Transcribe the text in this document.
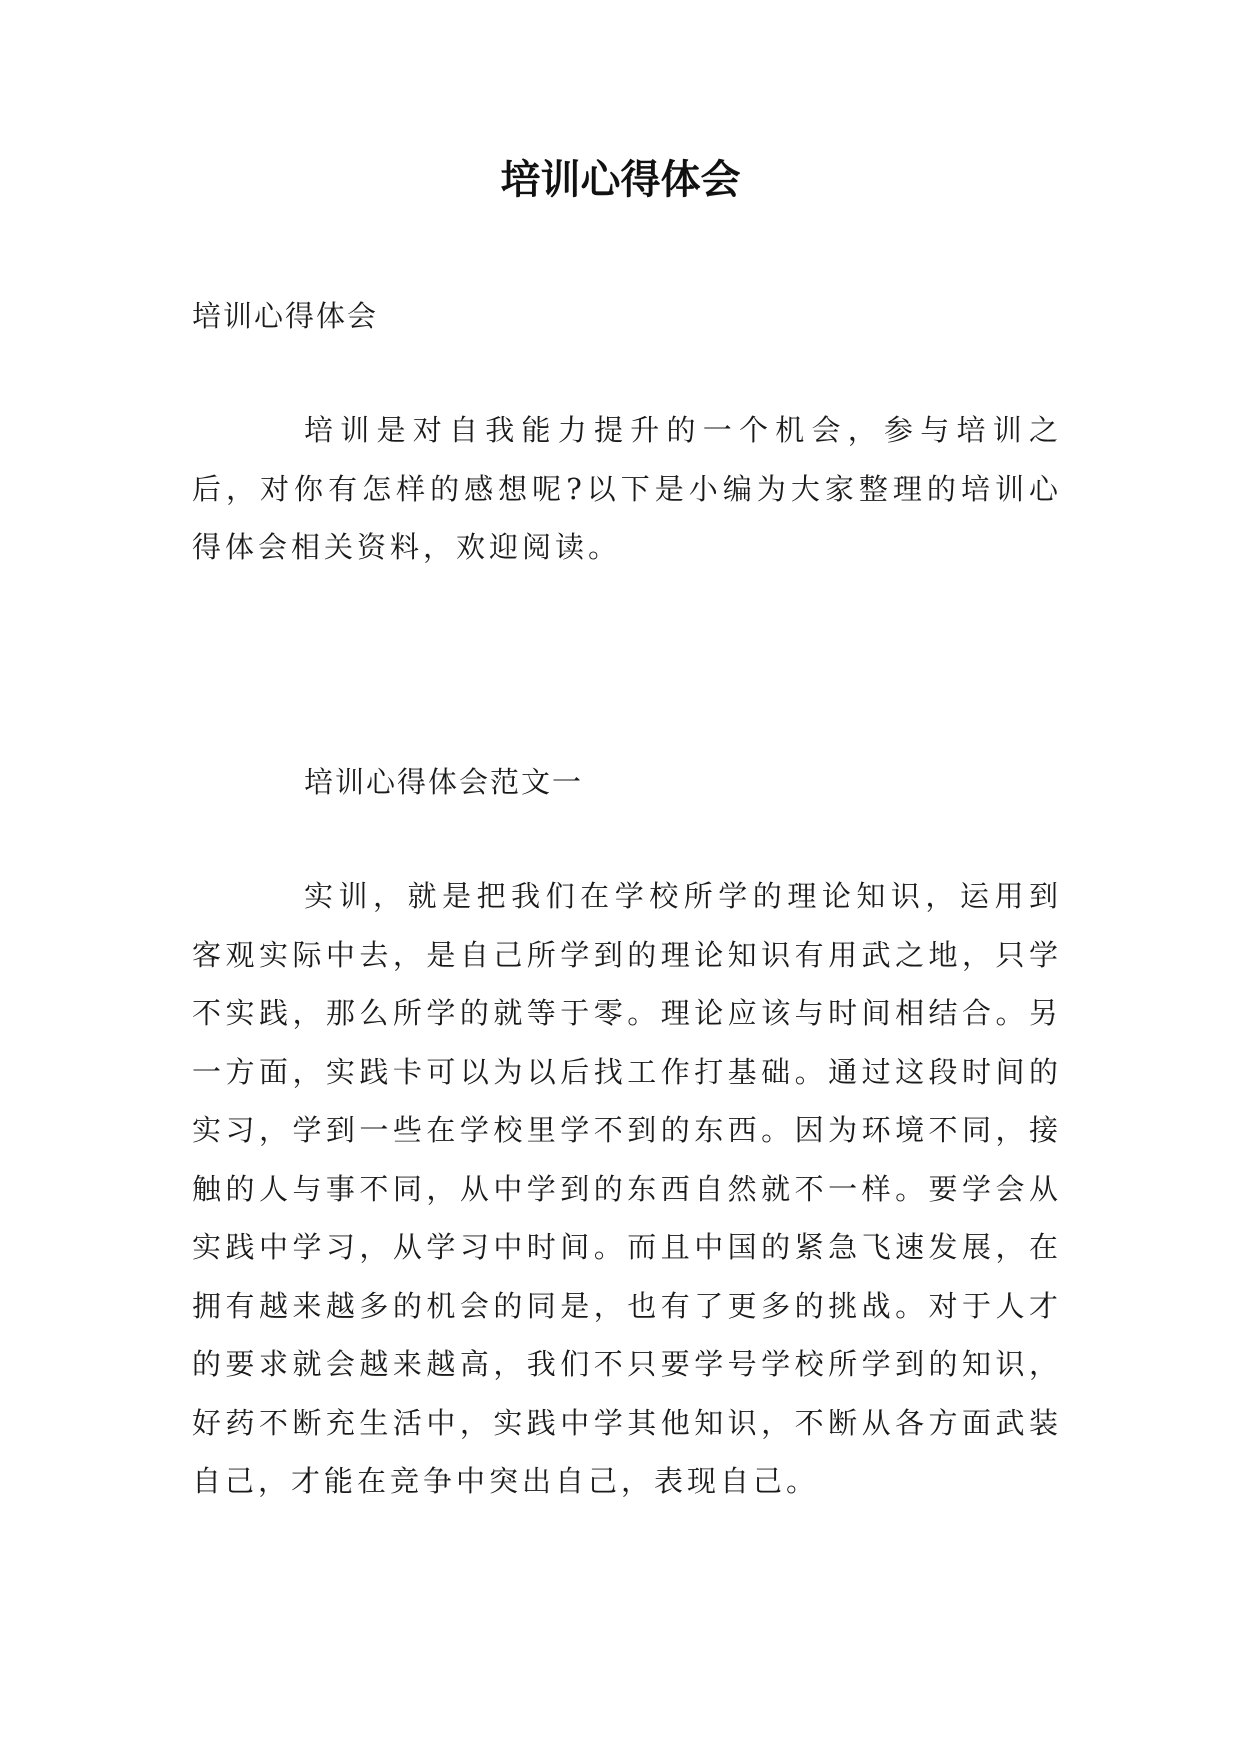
培训心得体会

培训心得体会

培训是对自我能力提升的一个机会，参与培训之后，对你有怎样的感想呢?以下是小编为大家整理的培训心得体会相关资料，欢迎阅读。

培训心得体会范文一

实训，就是把我们在学校所学的理论知识，运用到客观实际中去，是自己所学到的理论知识有用武之地，只学不实践，那么所学的就等于零。理论应该与时间相结合。另一方面，实践卡可以为以后找工作打基础。通过这段时间的实习，学到一些在学校里学不到的东西。因为环境不同，接触的人与事不同，从中学到的东西自然就不一样。要学会从实践中学习，从学习中时间。而且中国的紧急飞速发展，在拥有越来越多的机会的同是，也有了更多的挑战。对于人才的要求就会越来越高，我们不只要学号学校所学到的知识，好药不断充生活中，实践中学其他知识，不断从各方面武装自己，才能在竞争中突出自己，表现自己。
